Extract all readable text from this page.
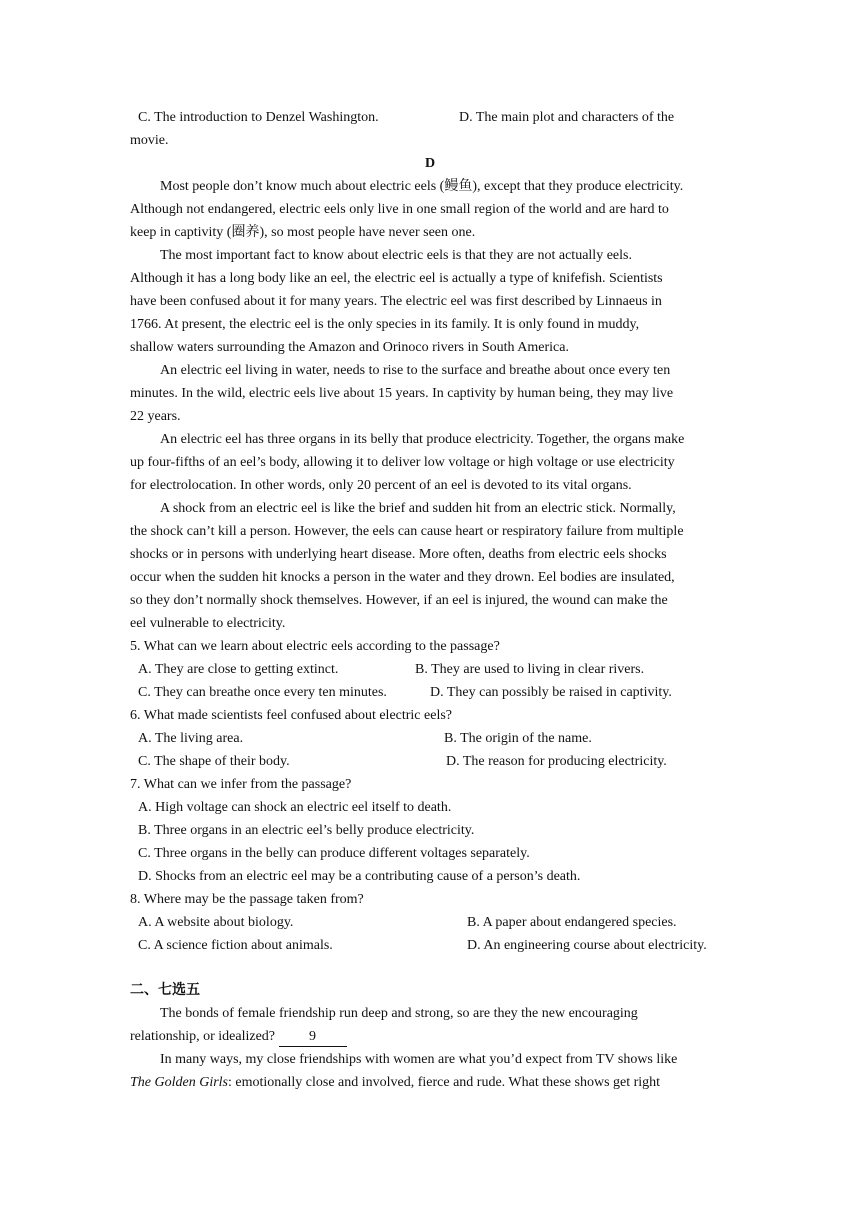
C. The introduction to Denzel Washington.	D. The main plot and characters of the
movie.
D
Most people don’t know much about electric eels (鳗鱼), except that they produce electricity.
Although not endangered, electric eels only live in one small region of the world and are hard to
keep in captivity (圈养), so most people have never seen one.
The most important fact to know about electric eels is that they are not actually eels.
Although it has a long body like an eel, the electric eel is actually a type of knifefish. Scientists
have been confused about it for many years. The electric eel was first described by Linnaeus in
1766. At present, the electric eel is the only species in its family. It is only found in muddy,
shallow waters surrounding the Amazon and Orinoco rivers in South America.
An electric eel living in water, needs to rise to the surface and breathe about once every ten
minutes. In the wild, electric eels live about 15 years. In captivity by human being, they may live
22 years.
An electric eel has three organs in its belly that produce electricity. Together, the organs make
up four-fifths of an eel’s body, allowing it to deliver low voltage or high voltage or use electricity
for electrolocation. In other words, only 20 percent of an eel is devoted to its vital organs.
A shock from an electric eel is like the brief and sudden hit from an electric stick. Normally,
the shock can’t kill a person. However, the eels can cause heart or respiratory failure from multiple
shocks or in persons with underlying heart disease. More often, deaths from electric eels shocks
occur when the sudden hit knocks a person in the water and they drown. Eel bodies are insulated,
so they don’t normally shock themselves. However, if an eel is injured, the wound can make the
eel vulnerable to electricity.
5. What can we learn about electric eels according to the passage?
A. They are close to getting extinct.	B. They are used to living in clear rivers.
C. They can breathe once every ten minutes.	D. They can possibly be raised in captivity.
6. What made scientists feel confused about electric eels?
A. The living area.	B. The origin of the name.
C. The shape of their body.	D. The reason for producing electricity.
7. What can we infer from the passage?
A. High voltage can shock an electric eel itself to death.
B. Three organs in an electric eel’s belly produce electricity.
C. Three organs in the belly can produce different voltages separately.
D. Shocks from an electric eel may be a contributing cause of a person’s death.
8. Where may be the passage taken from?
A. A website about biology.	B. A paper about endangered species.
C. A science fiction about animals.	D. An engineering course about electricity.
二、七选五
The bonds of female friendship run deep and strong, so are they the new encouraging
relationship, or idealized? 9
In many ways, my close friendships with women are what you’d expect from TV shows like
The Golden Girls: emotionally close and involved, fierce and rude. What these shows get right
